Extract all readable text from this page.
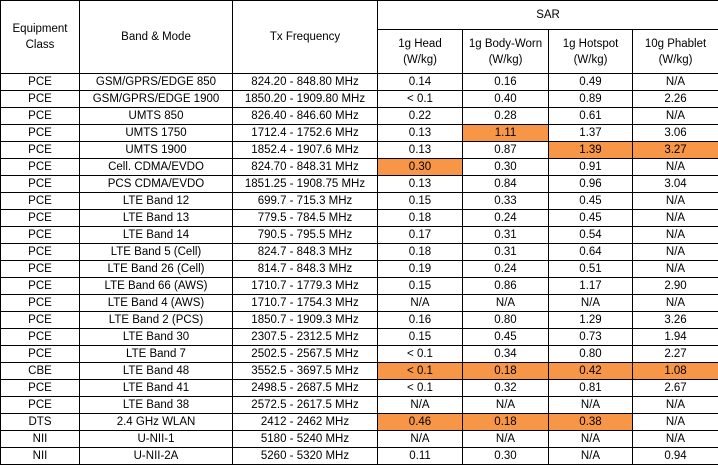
Equipment Class	Band & Mode	Tx Frequency	SAR			
			1g Head (W/kg)	1g Body-Worn (W/kg)	1g Hotspot (W/kg)	10g Phablet (W/kg)
PCE	GSM/GPRS/EDGE 850	824.20 - 848.80 MHz	0.14	0.16	0.49	N/A
PCE	GSM/GPRS/EDGE 1900	1850.20 - 1909.80 MHz	< 0.1	0.40	0.89	2.26
PCE	UMTS 850	826.40 - 846.60 MHz	0.22	0.28	0.61	N/A
PCE	UMTS 1750	1712.4 - 1752.6 MHz	0.13	1.11	1.37	3.06
PCE	UMTS 1900	1852.4 - 1907.6 MHz	0.13	0.87	1.39	3.27
PCE	Cell. CDMA/EVDO	824.70 - 848.31 MHz	0.30	0.30	0.91	N/A
PCE	PCS CDMA/EVDO	1851.25 - 1908.75 MHz	0.13	0.84	0.96	3.04
PCE	LTE Band 12	699.7 - 715.3 MHz	0.15	0.33	0.45	N/A
PCE	LTE Band 13	779.5 - 784.5 MHz	0.18	0.24	0.45	N/A
PCE	LTE Band 14	790.5 - 795.5 MHz	0.17	0.31	0.54	N/A
PCE	LTE Band 5 (Cell)	824.7 - 848.3 MHz	0.18	0.31	0.64	N/A
PCE	LTE Band 26 (Cell)	814.7 - 848.3 MHz	0.19	0.24	0.51	N/A
PCE	LTE Band 66 (AWS)	1710.7 - 1779.3 MHz	0.15	0.86	1.17	2.90
PCE	LTE Band 4 (AWS)	1710.7 - 1754.3 MHz	N/A	N/A	N/A	N/A
PCE	LTE Band 2 (PCS)	1850.7 - 1909.3 MHz	0.16	0.80	1.29	3.26
PCE	LTE Band 30	2307.5 - 2312.5 MHz	0.15	0.45	0.73	1.94
PCE	LTE Band 7	2502.5 - 2567.5 MHz	< 0.1	0.34	0.80	2.27
CBE	LTE Band 48	3552.5 - 3697.5 MHz	< 0.1	0.18	0.42	1.08
PCE	LTE Band 41	2498.5 - 2687.5 MHz	< 0.1	0.32	0.81	2.67
PCE	LTE Band 38	2572.5 - 2617.5 MHz	N/A	N/A	N/A	N/A
DTS	2.4 GHz WLAN	2412 - 2462 MHz	0.46	0.18	0.38	N/A
NII	U-NII-1	5180 - 5240 MHz	N/A	N/A	N/A	N/A
NII	U-NII-2A	5260 - 5320 MHz	0.11	0.30	N/A	0.94
